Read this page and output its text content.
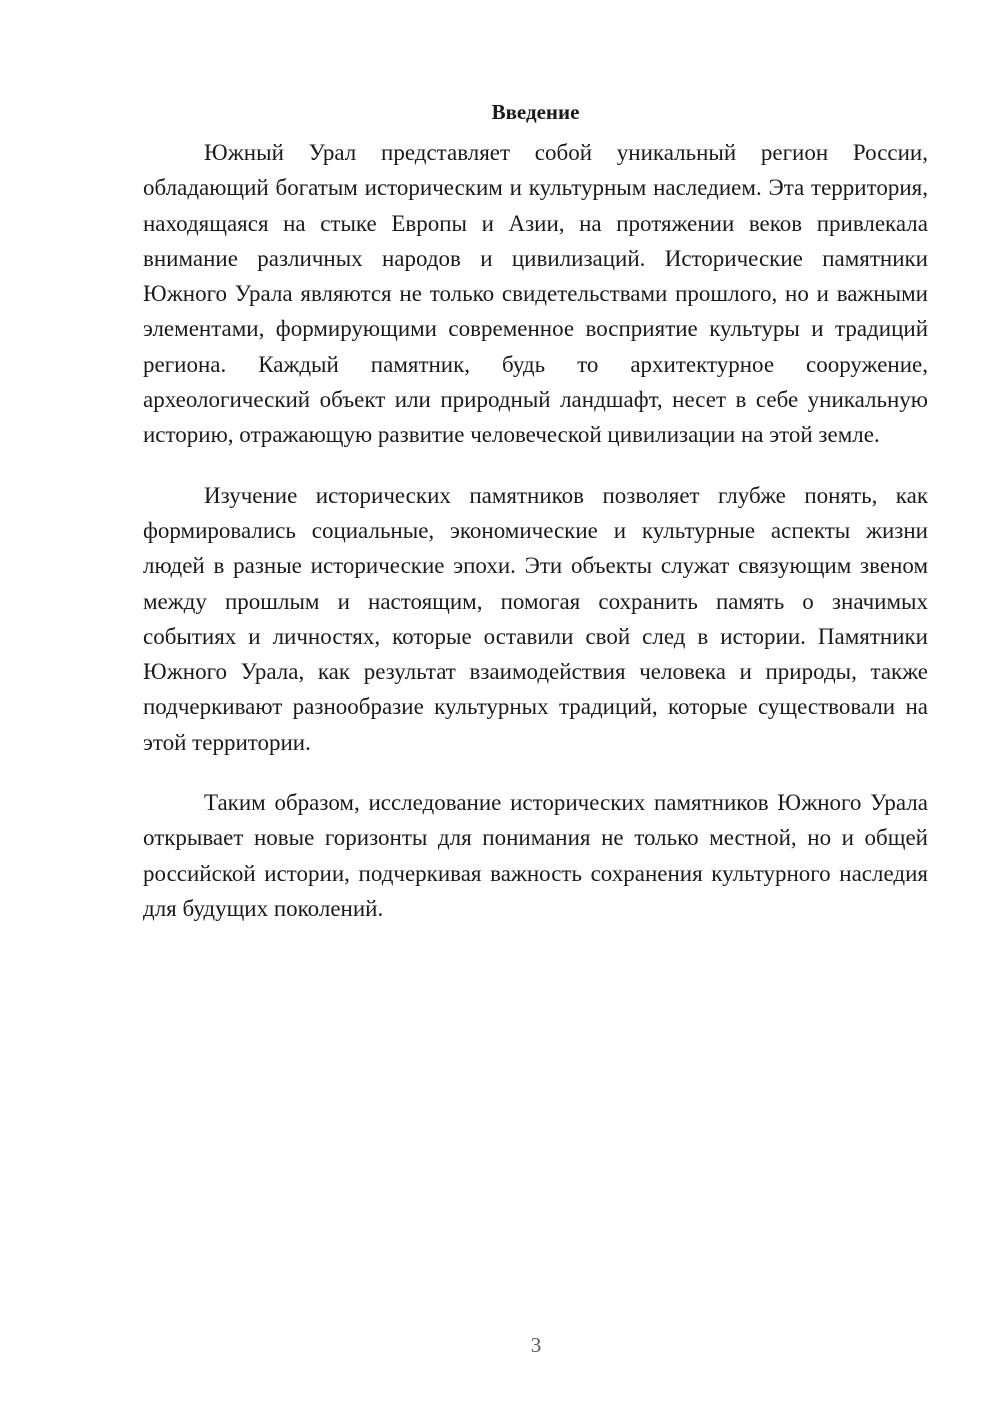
Введение

Южный Урал представляет собой уникальный регион России, обладающий богатым историческим и культурным наследием. Эта территория, находящаяся на стыке Европы и Азии, на протяжении веков привлекала внимание различных народов и цивилизаций. Исторические памятники Южного Урала являются не только свидетельствами прошлого, но и важными элементами, формирующими современное восприятие культуры и традиций региона. Каждый памятник, будь то архитектурное сооружение, археологический объект или природный ландшафт, несет в себе уникальную историю, отражающую развитие человеческой цивилизации на этой земле.

Изучение исторических памятников позволяет глубже понять, как формировались социальные, экономические и культурные аспекты жизни людей в разные исторические эпохи. Эти объекты служат связующим звеном между прошлым и настоящим, помогая сохранить память о значимых событиях и личностях, которые оставили свой след в истории. Памятники Южного Урала, как результат взаимодействия человека и природы, также подчеркивают разнообразие культурных традиций, которые существовали на этой территории.

Таким образом, исследование исторических памятников Южного Урала открывает новые горизонты для понимания не только местной, но и общей российской истории, подчеркивая важность сохранения культурного наследия для будущих поколений.

3
